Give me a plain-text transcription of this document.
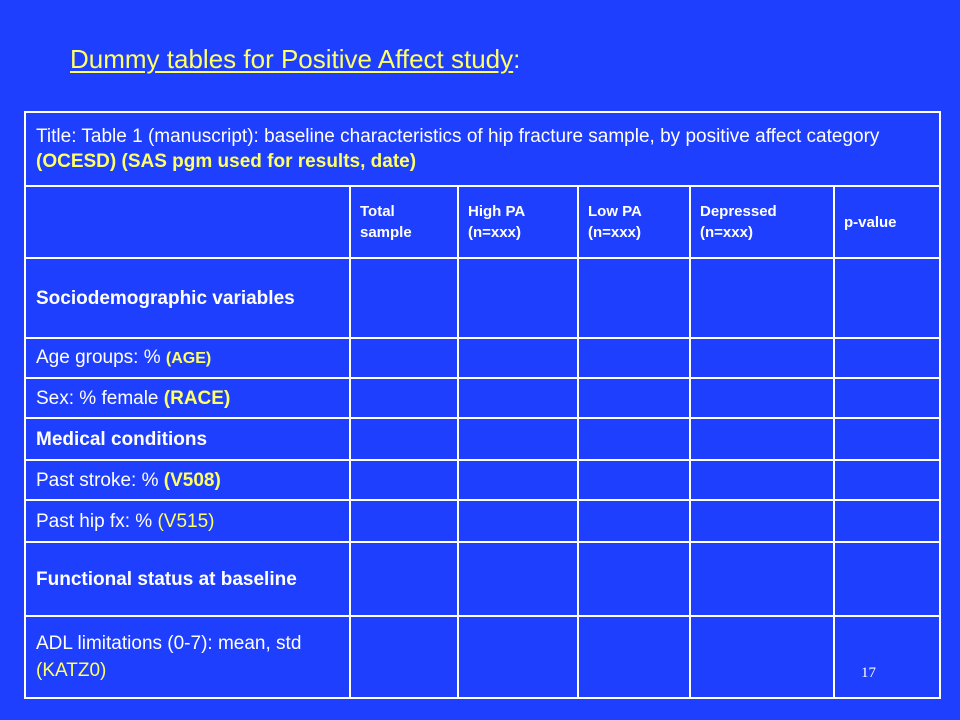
Dummy tables for Positive Affect study:
Title: Table 1 (manuscript): baseline characteristics of hip fracture sample, by positive affect category (OCESD) (SAS pgm used for results, date)					
	Total sample	High PA (n=xxx)	Low PA (n=xxx)	Depressed (n=xxx)	p-value
Sociodemographic variables					
Age groups: % (AGE)					
Sex: % female (RACE)					
Medical conditions					
Past stroke: % (V508)					
Past hip fx: % (V515)					
Functional status at baseline					
ADL limitations (0-7): mean, std (KATZ0)						17
